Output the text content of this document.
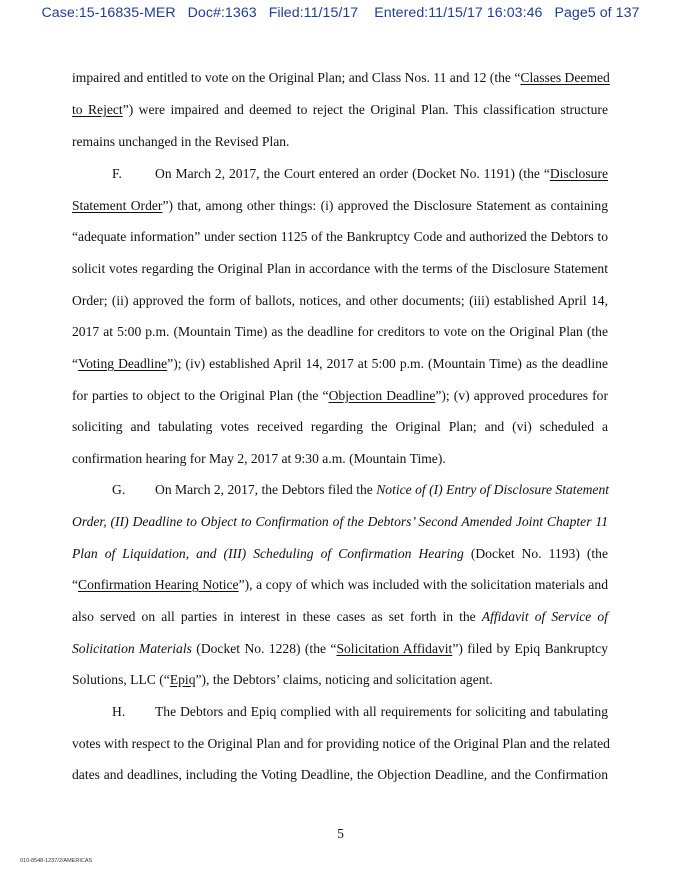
Case:15-16835-MER Doc#:1363 Filed:11/15/17 Entered:11/15/17 16:03:46 Page5 of 137
impaired and entitled to vote on the Original Plan; and Class Nos. 11 and 12 (the “Classes Deemed
to Reject”) were impaired and deemed to reject the Original Plan. This classification structure
remains unchanged in the Revised Plan.
F. On March 2, 2017, the Court entered an order (Docket No. 1191) (the “Disclosure
Statement Order”) that, among other things: (i) approved the Disclosure Statement as containing
“adequate information” under section 1125 of the Bankruptcy Code and authorized the Debtors to
solicit votes regarding the Original Plan in accordance with the terms of the Disclosure Statement
Order; (ii) approved the form of ballots, notices, and other documents; (iii) established April 14,
2017 at 5:00 p.m. (Mountain Time) as the deadline for creditors to vote on the Original Plan (the
“Voting Deadline”); (iv) established April 14, 2017 at 5:00 p.m. (Mountain Time) as the deadline
for parties to object to the Original Plan (the “Objection Deadline”); (v) approved procedures for
soliciting and tabulating votes received regarding the Original Plan; and (vi) scheduled a
confirmation hearing for May 2, 2017 at 9:30 a.m. (Mountain Time).
G. On March 2, 2017, the Debtors filed the Notice of (I) Entry of Disclosure Statement
Order, (II) Deadline to Object to Confirmation of the Debtors’ Second Amended Joint Chapter 11
Plan of Liquidation, and (III) Scheduling of Confirmation Hearing (Docket No. 1193) (the
“Confirmation Hearing Notice”), a copy of which was included with the solicitation materials and
also served on all parties in interest in these cases as set forth in the Affidavit of Service of
Solicitation Materials (Docket No. 1228) (the “Solicitation Affidavit”) filed by Epiq Bankruptcy
Solutions, LLC (“Epiq”), the Debtors’ claims, noticing and solicitation agent.
H. The Debtors and Epiq complied with all requirements for soliciting and tabulating
votes with respect to the Original Plan and for providing notice of the Original Plan and the related
dates and deadlines, including the Voting Deadline, the Objection Deadline, and the Confirmation
5
010-8548-1237/2/AMERICAS
